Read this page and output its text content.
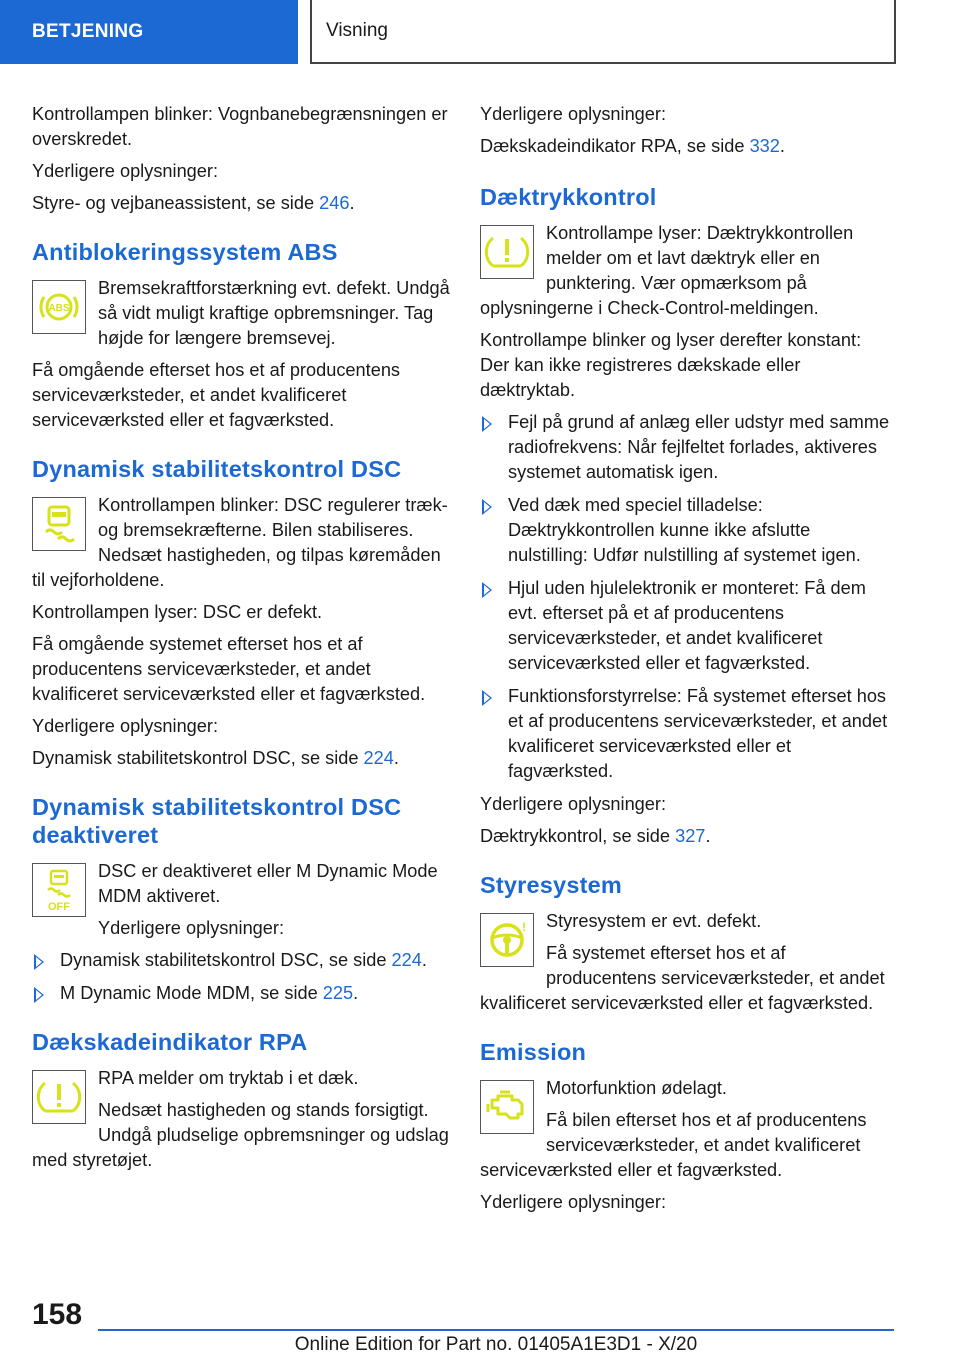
BETJENING	Visning

Kontrollampen blinker: Vognbanebegrænsningen er overskredet.

Yderligere oplysninger:

Styre- og vejbaneassistent, se side 246.

Antiblokeringssystem ABS
ABS

Bremsekraftforstærkning evt. defekt. Undgå så vidt muligt kraftige opbremsninger. Tag højde for længere bremsevej.

Få omgående efterset hos et af producentens serviceværksteder, et andet kvalificeret serviceværksted eller et fagværksted.

Dynamisk stabilitetskontrol DSC

Kontrollampen blinker: DSC regulerer træk- og bremsekræfterne. Bilen stabiliseres. Nedsæt hastigheden, og tilpas køremåden til vejforholdene.

Kontrollampen lyser: DSC er defekt.

Få omgående systemet efterset hos et af producentens serviceværksteder, et andet kvalificeret serviceværksted eller et fagværksted.

Yderligere oplysninger:

Dynamisk stabilitetskontrol DSC, se side 224.

Dynamisk stabilitetskontrol DSC deaktiveret
OFF

DSC er deaktiveret eller M Dynamic Mode MDM aktiveret.

Yderligere oplysninger:

Dynamisk stabilitetskontrol DSC, se side 224.
M Dynamic Mode MDM, se side 225.
Dækskadeindikator RPA

RPA melder om tryktab i et dæk.

Nedsæt hastigheden og stands forsigtigt. Undgå pludselige opbremsninger og udslag med styretøjet.

Yderligere oplysninger:

Dækskadeindikator RPA, se side 332.

Dæktrykkontrol

Kontrollampe lyser: Dæktrykkontrollen melder om et lavt dæktryk eller en punktering. Vær opmærksom på oplysningerne i Check-Control-meldingen.

Kontrollampe blinker og lyser derefter konstant: Der kan ikke registreres dækskade eller dæktryktab.

Fejl på grund af anlæg eller udstyr med samme radiofrekvens: Når fejlfeltet forlades, aktiveres systemet automatisk igen.
Ved dæk med speciel tilladelse: Dæktrykkontrollen kunne ikke afslutte nulstilling: Udfør nulstilling af systemet igen.
Hjul uden hjulelektronik er monteret: Få dem evt. efterset på et af producentens serviceværksteder, et andet kvalificeret serviceværksted eller et fagværksted.
Funktionsforstyrrelse: Få systemet efterset hos et af producentens serviceværksteder, et andet kvalificeret serviceværksted eller et fagværksted.

Yderligere oplysninger:

Dæktrykkontrol, se side 327.

Styresystem
!	Styresystem er evt. defekt.

Få systemet efterset hos et af producentens serviceværksteder, et andet kvalificeret serviceværksted eller et fagværksted.

Emission

Motorfunktion ødelagt.

Få bilen efterset hos et af producentens serviceværksteder, et andet kvalificeret serviceværksted eller et fagværksted.

Yderligere oplysninger:

158
Online Edition for Part no. 01405A1E3D1 - X/20
